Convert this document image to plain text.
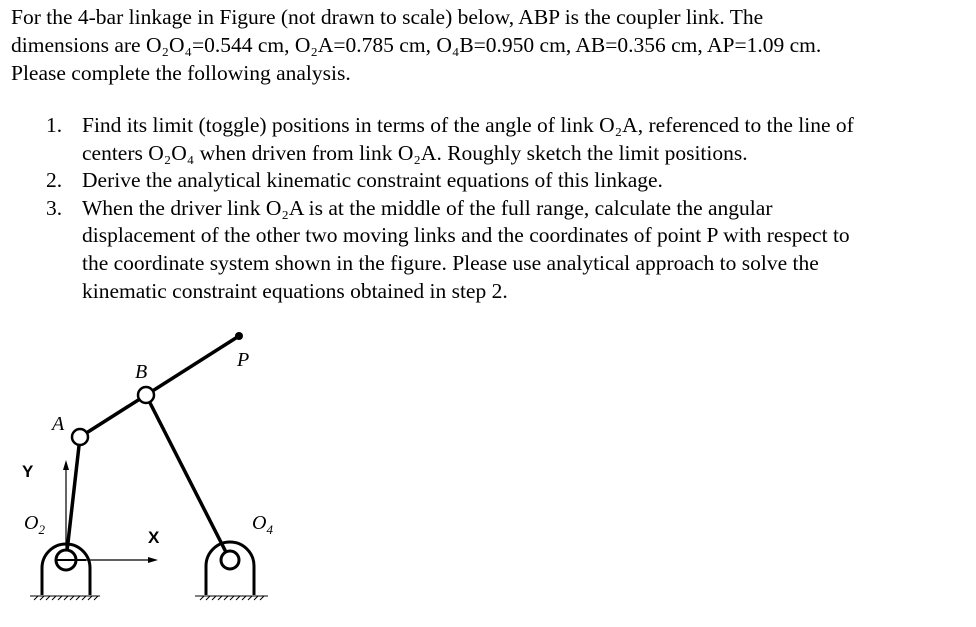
For the 4-bar linkage in Figure (not drawn to scale) below, ABP is the coupler link. The
dimensions are O₂O₄=0.544 cm, O₂A=0.785 cm, O₄B=0.950 cm, AB=0.356 cm, AP=1.09 cm.
Please complete the following analysis.
1. Find its limit (toggle) positions in terms of the angle of link O₂A, referenced to the line of
centers O₂O₄ when driven from link O₂A. Roughly sketch the limit positions.
2. Derive the analytical kinematic constraint equations of this linkage.
3. When the driver link O₂A is at the middle of the full range, calculate the angular
displacement of the other two moving links and the coordinates of point P with respect to
the coordinate system shown in the figure. Please use analytical approach to solve the
kinematic constraint equations obtained in step 2.
A
B
P
$O_2$	$O_4$
X
Y
